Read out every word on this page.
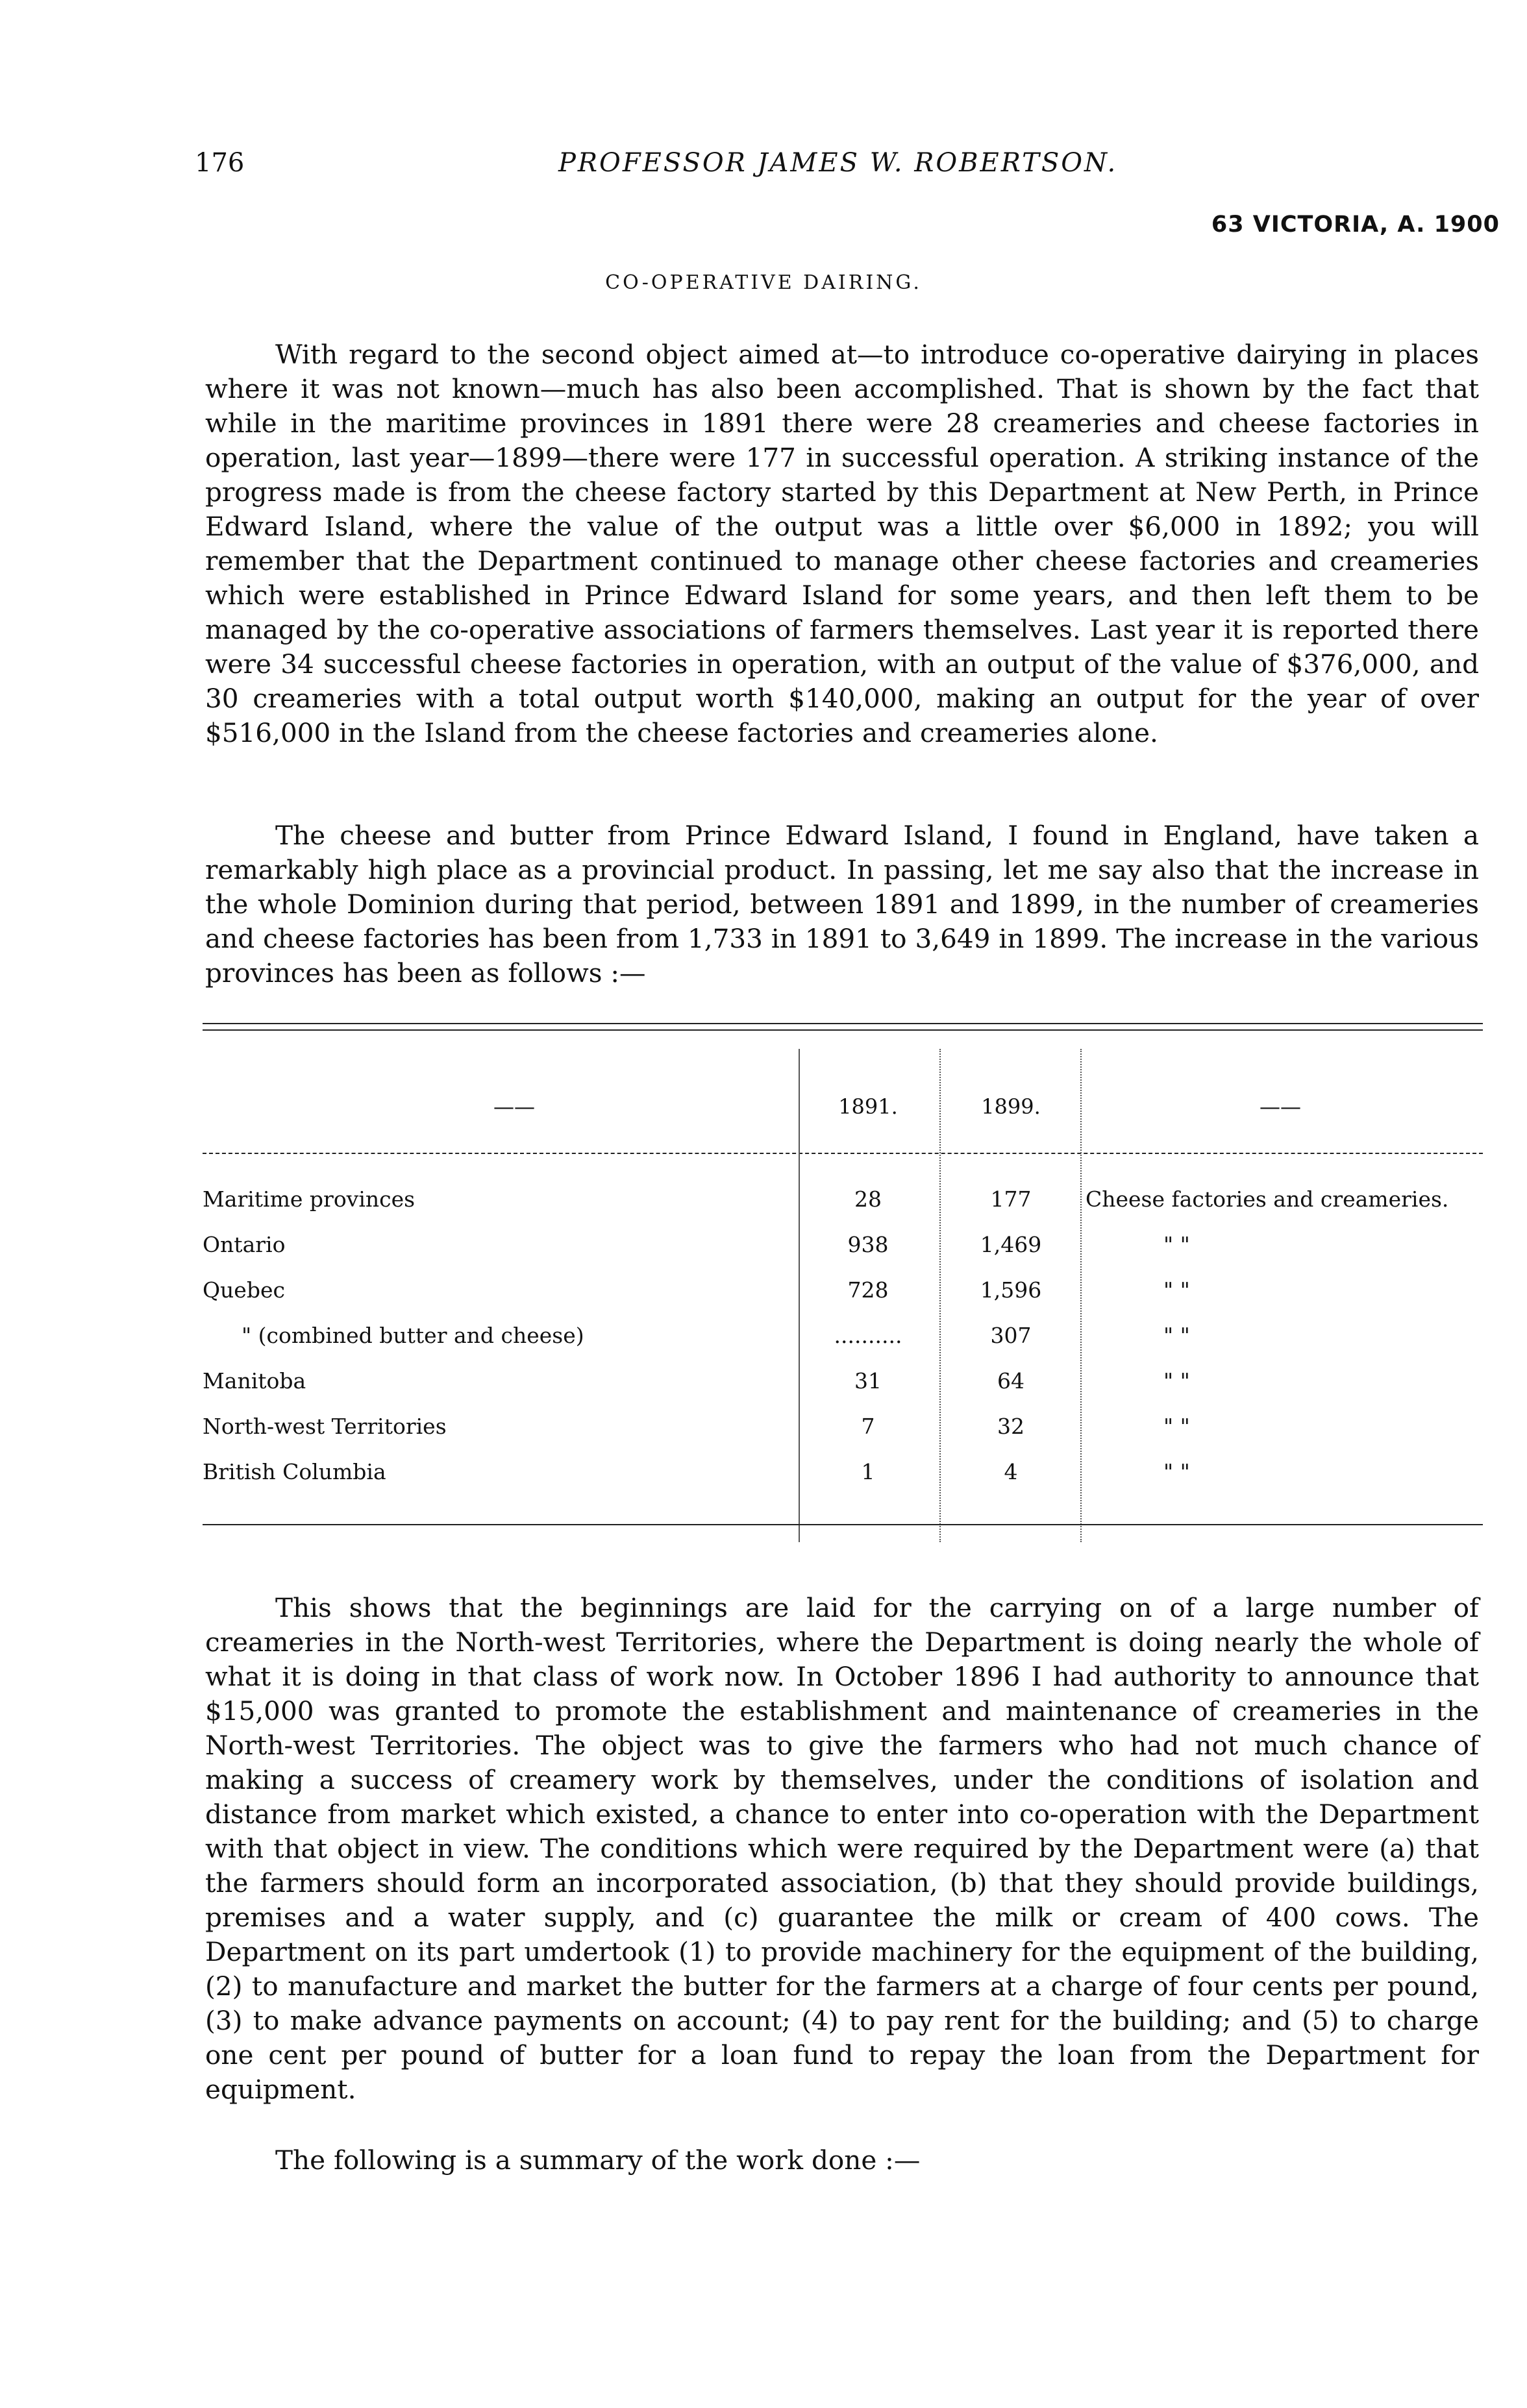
176	PROFESSOR JAMES W. ROBERTSON.
63 VICTORIA, A. 1900
CO-OPERATIVE DAIRING.

With regard to the second object aimed at—to introduce co-operative dairying in places where it was not known—much has also been accomplished. That is shown by the fact that while in the maritime provinces in 1891 there were 28 creameries and cheese factories in operation, last year—1899—there were 177 in successful operation. A striking instance of the progress made is from the cheese factory started by this Department at New Perth, in Prince Edward Island, where the value of the output was a little over $6,000 in 1892; you will remember that the Department continued to manage other cheese factories and creameries which were established in Prince Edward Island for some years, and then left them to be managed by the co-operative associations of farmers themselves. Last year it is reported there were 34 successful cheese factories in operation, with an output of the value of $376,000, and 30 creameries with a total output worth $140,000, making an output for the year of over $516,000 in the Island from the cheese factories and creameries alone.

The cheese and butter from Prince Edward Island, I found in England, have taken a remarkably high place as a provincial product. In passing, let me say also that the increase in the whole Dominion during that period, between 1891 and 1899, in the number of creameries and cheese factories has been from 1,733 in 1891 to 3,649 in 1899. The increase in the various provinces has been as follows :—

——	1891.	1899.	——
Maritime provinces	28	177	Cheese factories and creameries.
Ontario	938	1,469	" "
Quebec	728	1,596	" "
" (combined butter and cheese)	..........	307	" "
Manitoba	31	64	" "
North-west Territories	7	32	" "
British Columbia	1	4	" "

This shows that the beginnings are laid for the carrying on of a large number of creameries in the North-west Territories, where the Department is doing nearly the whole of what it is doing in that class of work now. In October 1896 I had authority to announce that $15,000 was granted to promote the establishment and maintenance of creameries in the North-west Territories. The object was to give the farmers who had not much chance of making a success of creamery work by themselves, under the conditions of isolation and distance from market which existed, a chance to enter into co-operation with the Department with that object in view. The conditions which were required by the Department were (a) that the farmers should form an incorporated association, (b) that they should provide buildings, premises and a water supply, and (c) guarantee the milk or cream of 400 cows. The Department on its part umdertook (1) to provide machinery for the equipment of the building, (2) to manufacture and market the butter for the farmers at a charge of four cents per pound, (3) to make advance payments on account; (4) to pay rent for the building; and (5) to charge one cent per pound of butter for a loan fund to repay the loan from the Department for equipment.

The following is a summary of the work done :—
